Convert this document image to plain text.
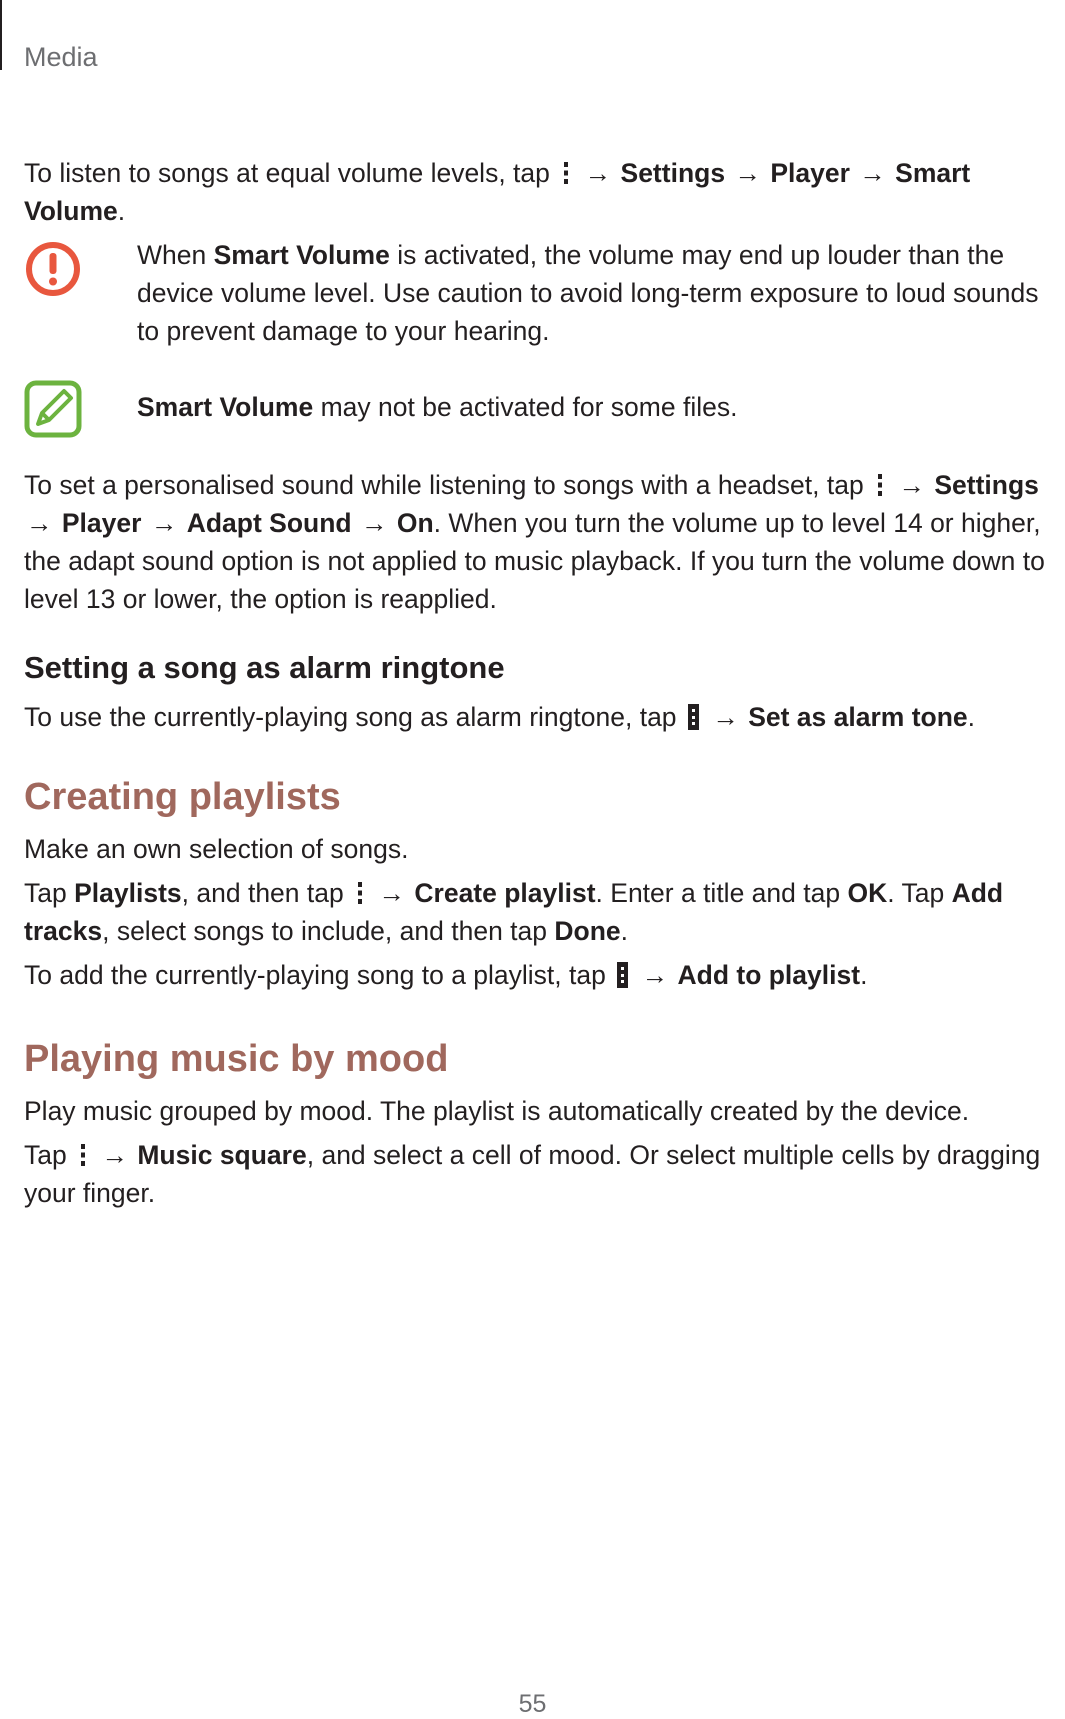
Media

To listen to songs at equal volume levels, tap → Settings → Player → Smart Volume.

When Smart Volume is activated, the volume may end up louder than the device volume level. Use caution to avoid long-term exposure to loud sounds to prevent damage to your hearing.

Smart Volume may not be activated for some files.

To set a personalised sound while listening to songs with a headset, tap → Settings → Player → Adapt Sound → On. When you turn the volume up to level 14 or higher, the adapt sound option is not applied to music playback. If you turn the volume down to level 13 or lower, the option is reapplied.

Setting a song as alarm ringtone

To use the currently-playing song as alarm ringtone, tap → Set as alarm tone.

Creating playlists

Make an own selection of songs.

Tap Playlists, and then tap → Create playlist. Enter a title and tap OK. Tap Add tracks, select songs to include, and then tap Done.

To add the currently-playing song to a playlist, tap → Add to playlist.

Playing music by mood

Play music grouped by mood. The playlist is automatically created by the device.

Tap → Music square, and select a cell of mood. Or select multiple cells by dragging your finger.

55
